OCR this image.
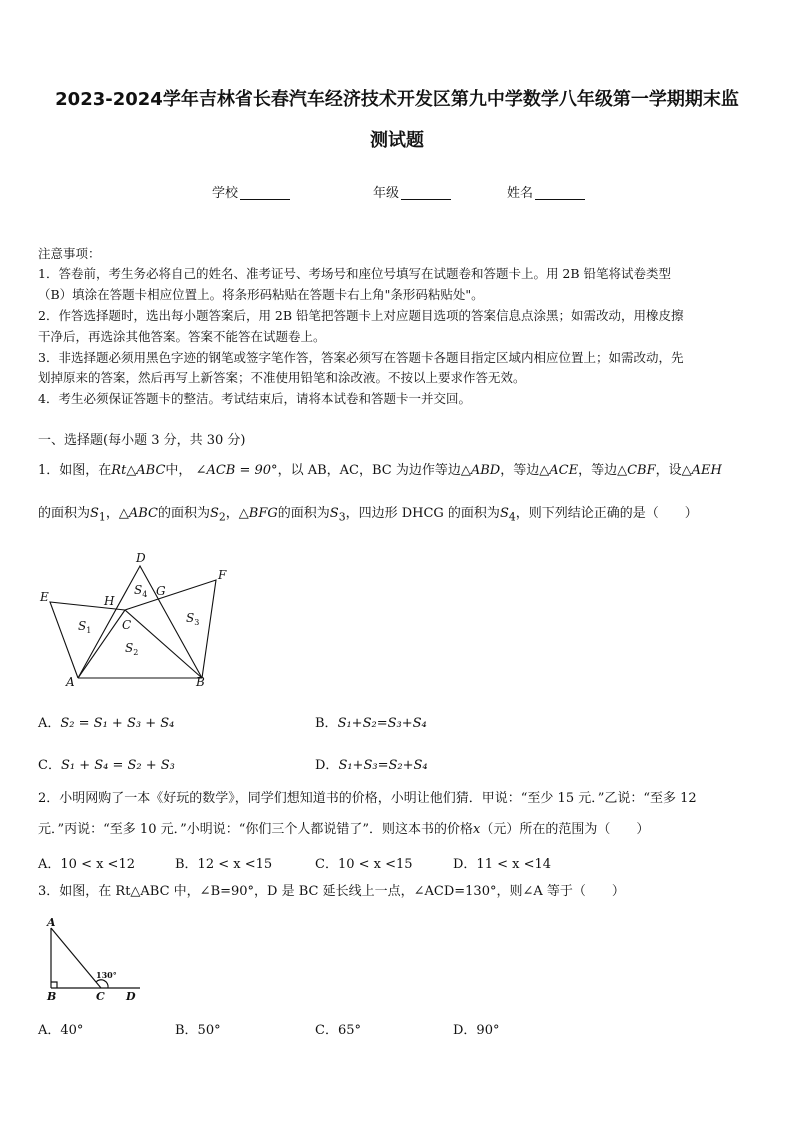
2023-2024学年吉林省长春汽车经济技术开发区第九中学数学八年级第一学期期末监
测试题
学校	年级	姓名
注意事项：
1．答卷前，考生务必将自己的姓名、准考证号、考场号和座位号填写在试题卷和答题卡上。用 2B 铅笔将试卷类型
（B）填涂在答题卡相应位置上。将条形码粘贴在答题卡右上角"条形码粘贴处"。
2．作答选择题时，选出每小题答案后，用 2B 铅笔把答题卡上对应题目选项的答案信息点涂黑；如需改动，用橡皮擦
干净后，再选涂其他答案。答案不能答在试题卷上。
3．非选择题必须用黑色字迹的钢笔或签字笔作答，答案必须写在答题卡各题目指定区域内相应位置上；如需改动，先
划掉原来的答案，然后再写上新答案；不准使用铅笔和涂改液。不按以上要求作答无效。
4．考生必须保证答题卡的整洁。考试结束后，请将本试卷和答题卡一并交回。
一、选择题(每小题 3 分，共 30 分)
1．如图，在Rt△ABC中， ∠ACB = 90°，以 AB，AC，BC 为边作等边△ABD，等边△ACE，等边△CBF，设△AEH
的面积为$S_1$，△ABC的面积为$S_2$，△BFG的面积为$S_3$，四边形 DHCG 的面积为$S_4$，则下列结论正确的是（　　）
D
E
F
G
H
C
A	B
$S_1$
$S_2$
$S_3$
$S_4$
A．S₂ = S₁ + S₃ + S₄	B．S₁+S₂=S₃+S₄
C．S₁ + S₄ = S₂ + S₃	D．S₁+S₃=S₂+S₄
2．小明网购了一本《好玩的数学》，同学们想知道书的价格，小明让他们猜．甲说：“至少 15 元．”乙说：“至多 12
元．”丙说：“至多 10 元．”小明说：“你们三个人都说错了”．则这本书的价格x（元）所在的范围为（　　）
A．10 < x <12	B．12 < x <15	C．10 < x <15	D．11 < x <14
3．如图，在 Rt△ABC 中，∠B=90°，D 是 BC 延长线上一点，∠ACD=130°，则∠A 等于（　　）
A
B	C D
130°
A．40°	B．50°	C．65°	D．90°
